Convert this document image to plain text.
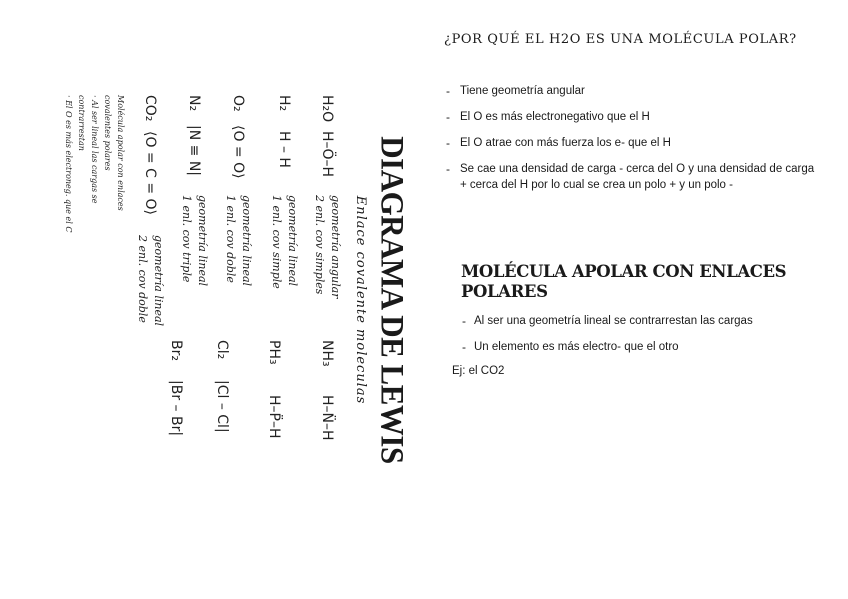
DIAGRAMA DE LEWIS
Enlace covalente moleculas
H₂O
H–Ö–H
geometría angular
2 enl. cov simples
H₂
H – H
geometría lineal
1 enl. cov simple
O₂
⟨O = O⟩
geometría lineal
1 enl. cov doble
N₂
|N ≡ N|
geometría lineal
1 enl. cov triple
CO₂
⟨O = C = O⟩
geometría lineal
2 enl. cov doble
Molécula apolar con enlaces
covalentes polares
· Al ser lineal las cargas se
contrarrestan
· El O es más electroneg. que el C
NH₃
H–N̈–H
PH₃
H–P̈–H
Cl₂
|Cl – Cl|
Br₂
|Br – Br|
¿POR QUÉ EL H2O ES UNA MOLÉCULA POLAR?
- Tiene geometría angular
- El O es más electronegativo que el H
- El O atrae con más fuerza los e- que el H
- Se cae una densidad de carga - cerca del O y una densidad de carga + cerca del H por lo cual se crea un polo + y un polo -
MOLÉCULA APOLAR CON ENLACES POLARES
- Al ser una geometría lineal se contrarrestan las cargas
- Un elemento es más electro- que el otro
Ej: el CO2
